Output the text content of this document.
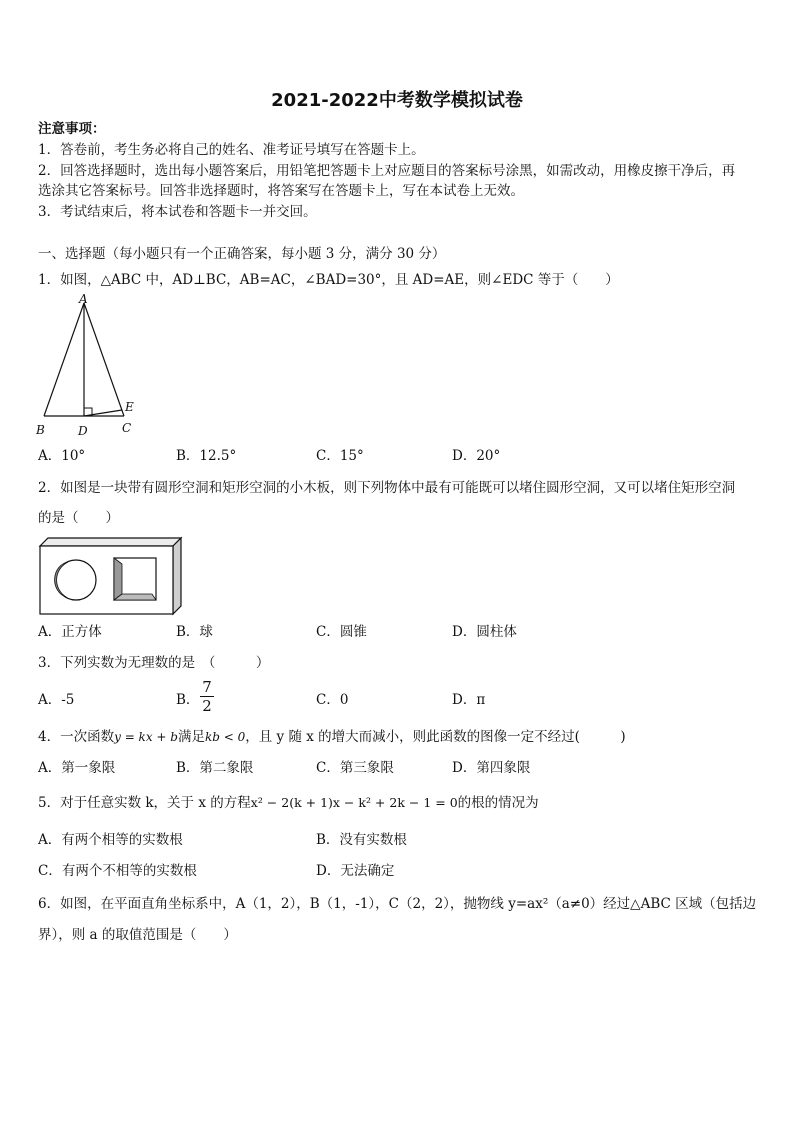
2021-2022中考数学模拟试卷
注意事项：
1．答卷前，考生务必将自己的姓名、准考证号填写在答题卡上。
2．回答选择题时，选出每小题答案后，用铅笔把答题卡上对应题目的答案标号涂黑，如需改动，用橡皮擦干净后，再
选涂其它答案标号。回答非选择题时，将答案写在答题卡上，写在本试卷上无效。
3．考试结束后，将本试卷和答题卡一并交回。
一、选择题（每小题只有一个正确答案，每小题 3 分，满分 30 分）
1．如图，△ABC 中，AD⊥BC，AB=AC，∠BAD=30°，且 AD=AE，则∠EDC 等于（　　）
A
B	C
D
E
A．10°	B．12.5°	C．15°	D．20°
2．如图是一块带有圆形空洞和矩形空洞的小木板，则下列物体中最有可能既可以堵住圆形空洞，又可以堵住矩形空洞
的是（　　）
A．正方体	B．球	C．圆锥	D．圆柱体
3．下列实数为无理数的是　（　　　）
A．-5	B．
7
2	C．0	D．π
4．一次函数y = kx + b满足kb < 0，且 y 随 x 的增大而减小，则此函数的图像一定不经过(　　　)
A．第一象限	B．第二象限	C．第三象限	D．第四象限
5．对于任意实数 k，关于 x 的方程x² − 2(k + 1)x − k² + 2k − 1 = 0的根的情况为
A．有两个相等的实数根	B．没有实数根
C．有两个不相等的实数根	D．无法确定
6．如图，在平面直角坐标系中，A（1，2），B（1，-1），C（2，2），抛物线 y=ax²（a≠0）经过△ABC 区域（包括边
界），则 a 的取值范围是（　　）
